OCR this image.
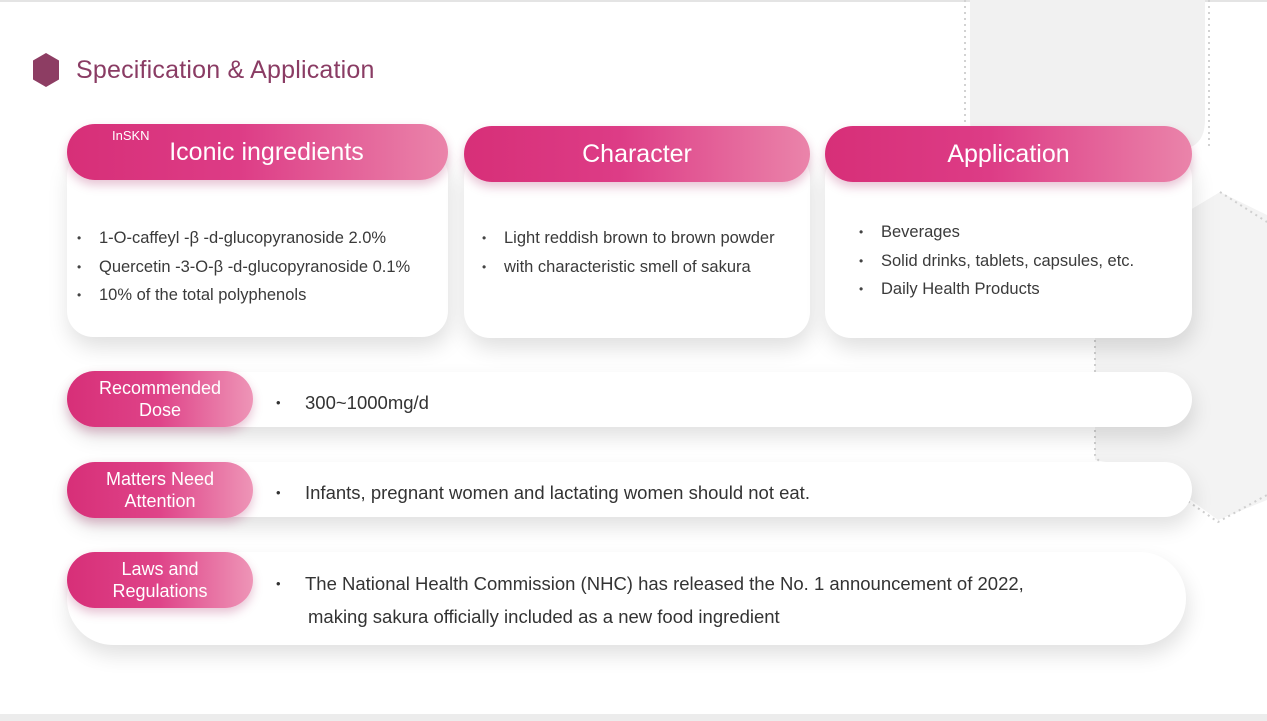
Specification & Application
InSKN
Iconic ingredients
• 1-O-caffeyl -β -d-glucopyranoside 2.0%
• Quercetin -3-O-β -d-glucopyranoside 0.1%
• 10% of the total polyphenols
Character
• Light reddish brown to brown powder
• with characteristic smell of sakura
Application
• Beverages
• Solid drinks, tablets, capsules, etc.
• Daily Health Products
Recommended
Dose	• 300~1000mg/d
Matters Need
Attention	• Infants, pregnant women and lactating women should not eat.
Laws and
Regulations	• The National Health Commission (NHC) has released the No. 1 announcement of 2022,
making sakura officially included as a new food ingredient
